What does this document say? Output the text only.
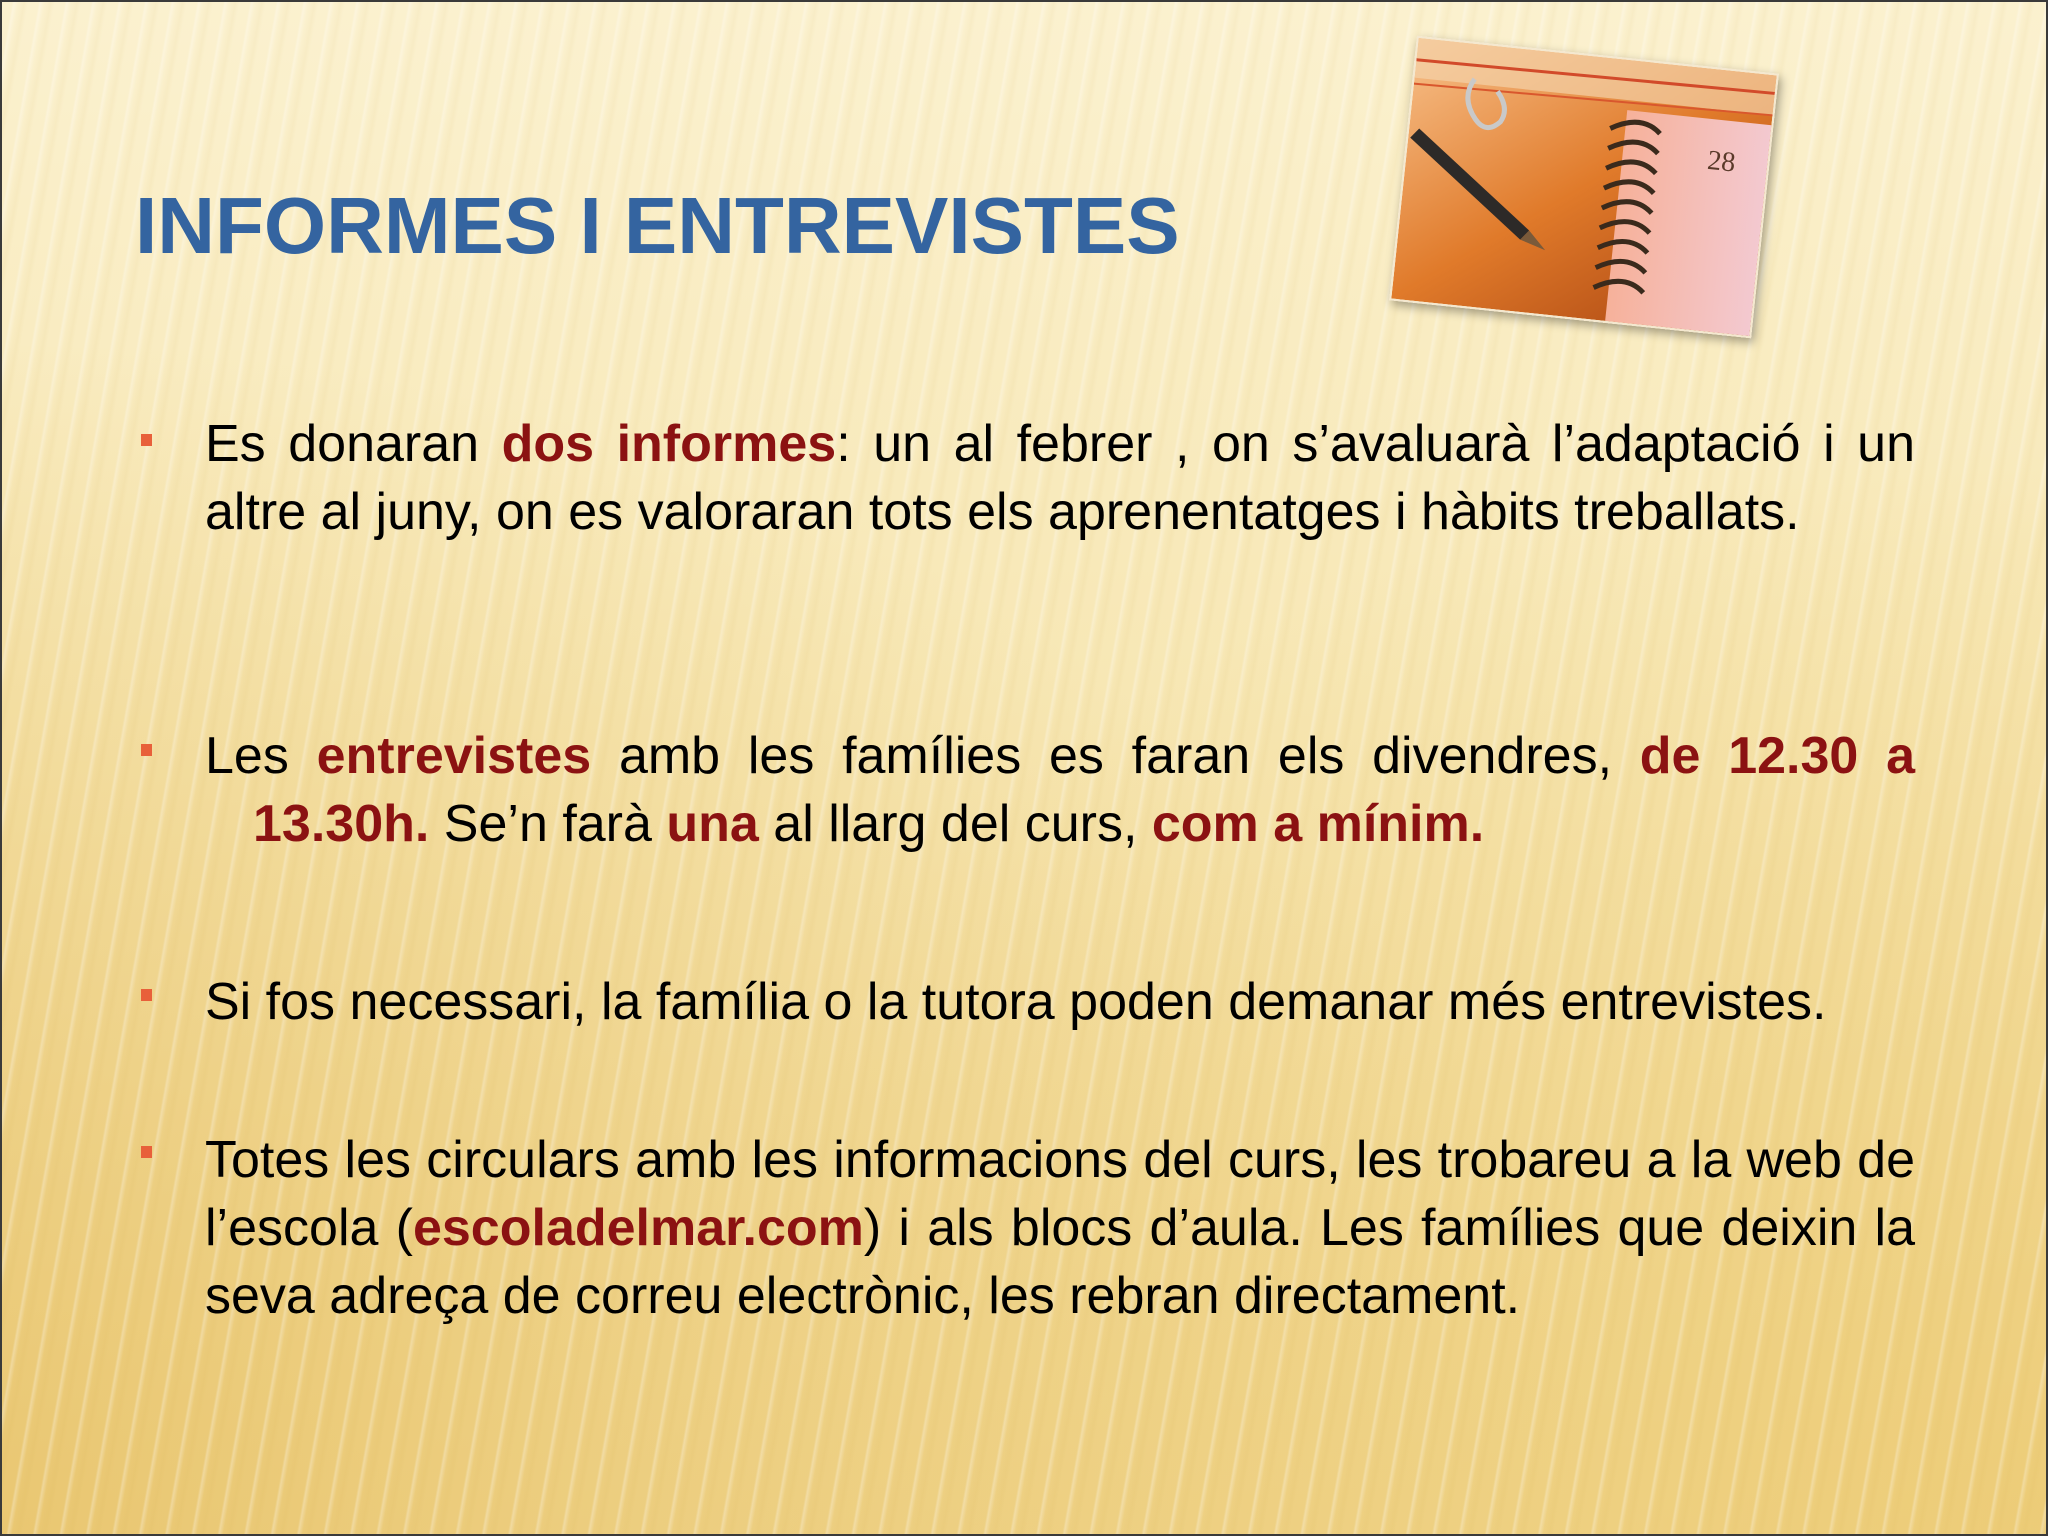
INFORMES I ENTREVISTES
28

Es donaran dos informes: un al febrer , on s’avaluarà l’adaptació i un altre al juny, on es valoraran tots els aprenentatges i hàbits treballats.

Les entrevistes amb les famílies es faran els divendres, de 12.30 a
13.30h. Se’n farà una al llarg del curs, com a mínim.

Si fos necessari, la família o la tutora poden demanar més entrevistes.

Totes les circulars amb les informacions del curs, les trobareu a la web de l’escola (escoladelmar.com) i als blocs d’aula. Les famílies que deixin la seva adreça de correu electrònic, les rebran directament.
